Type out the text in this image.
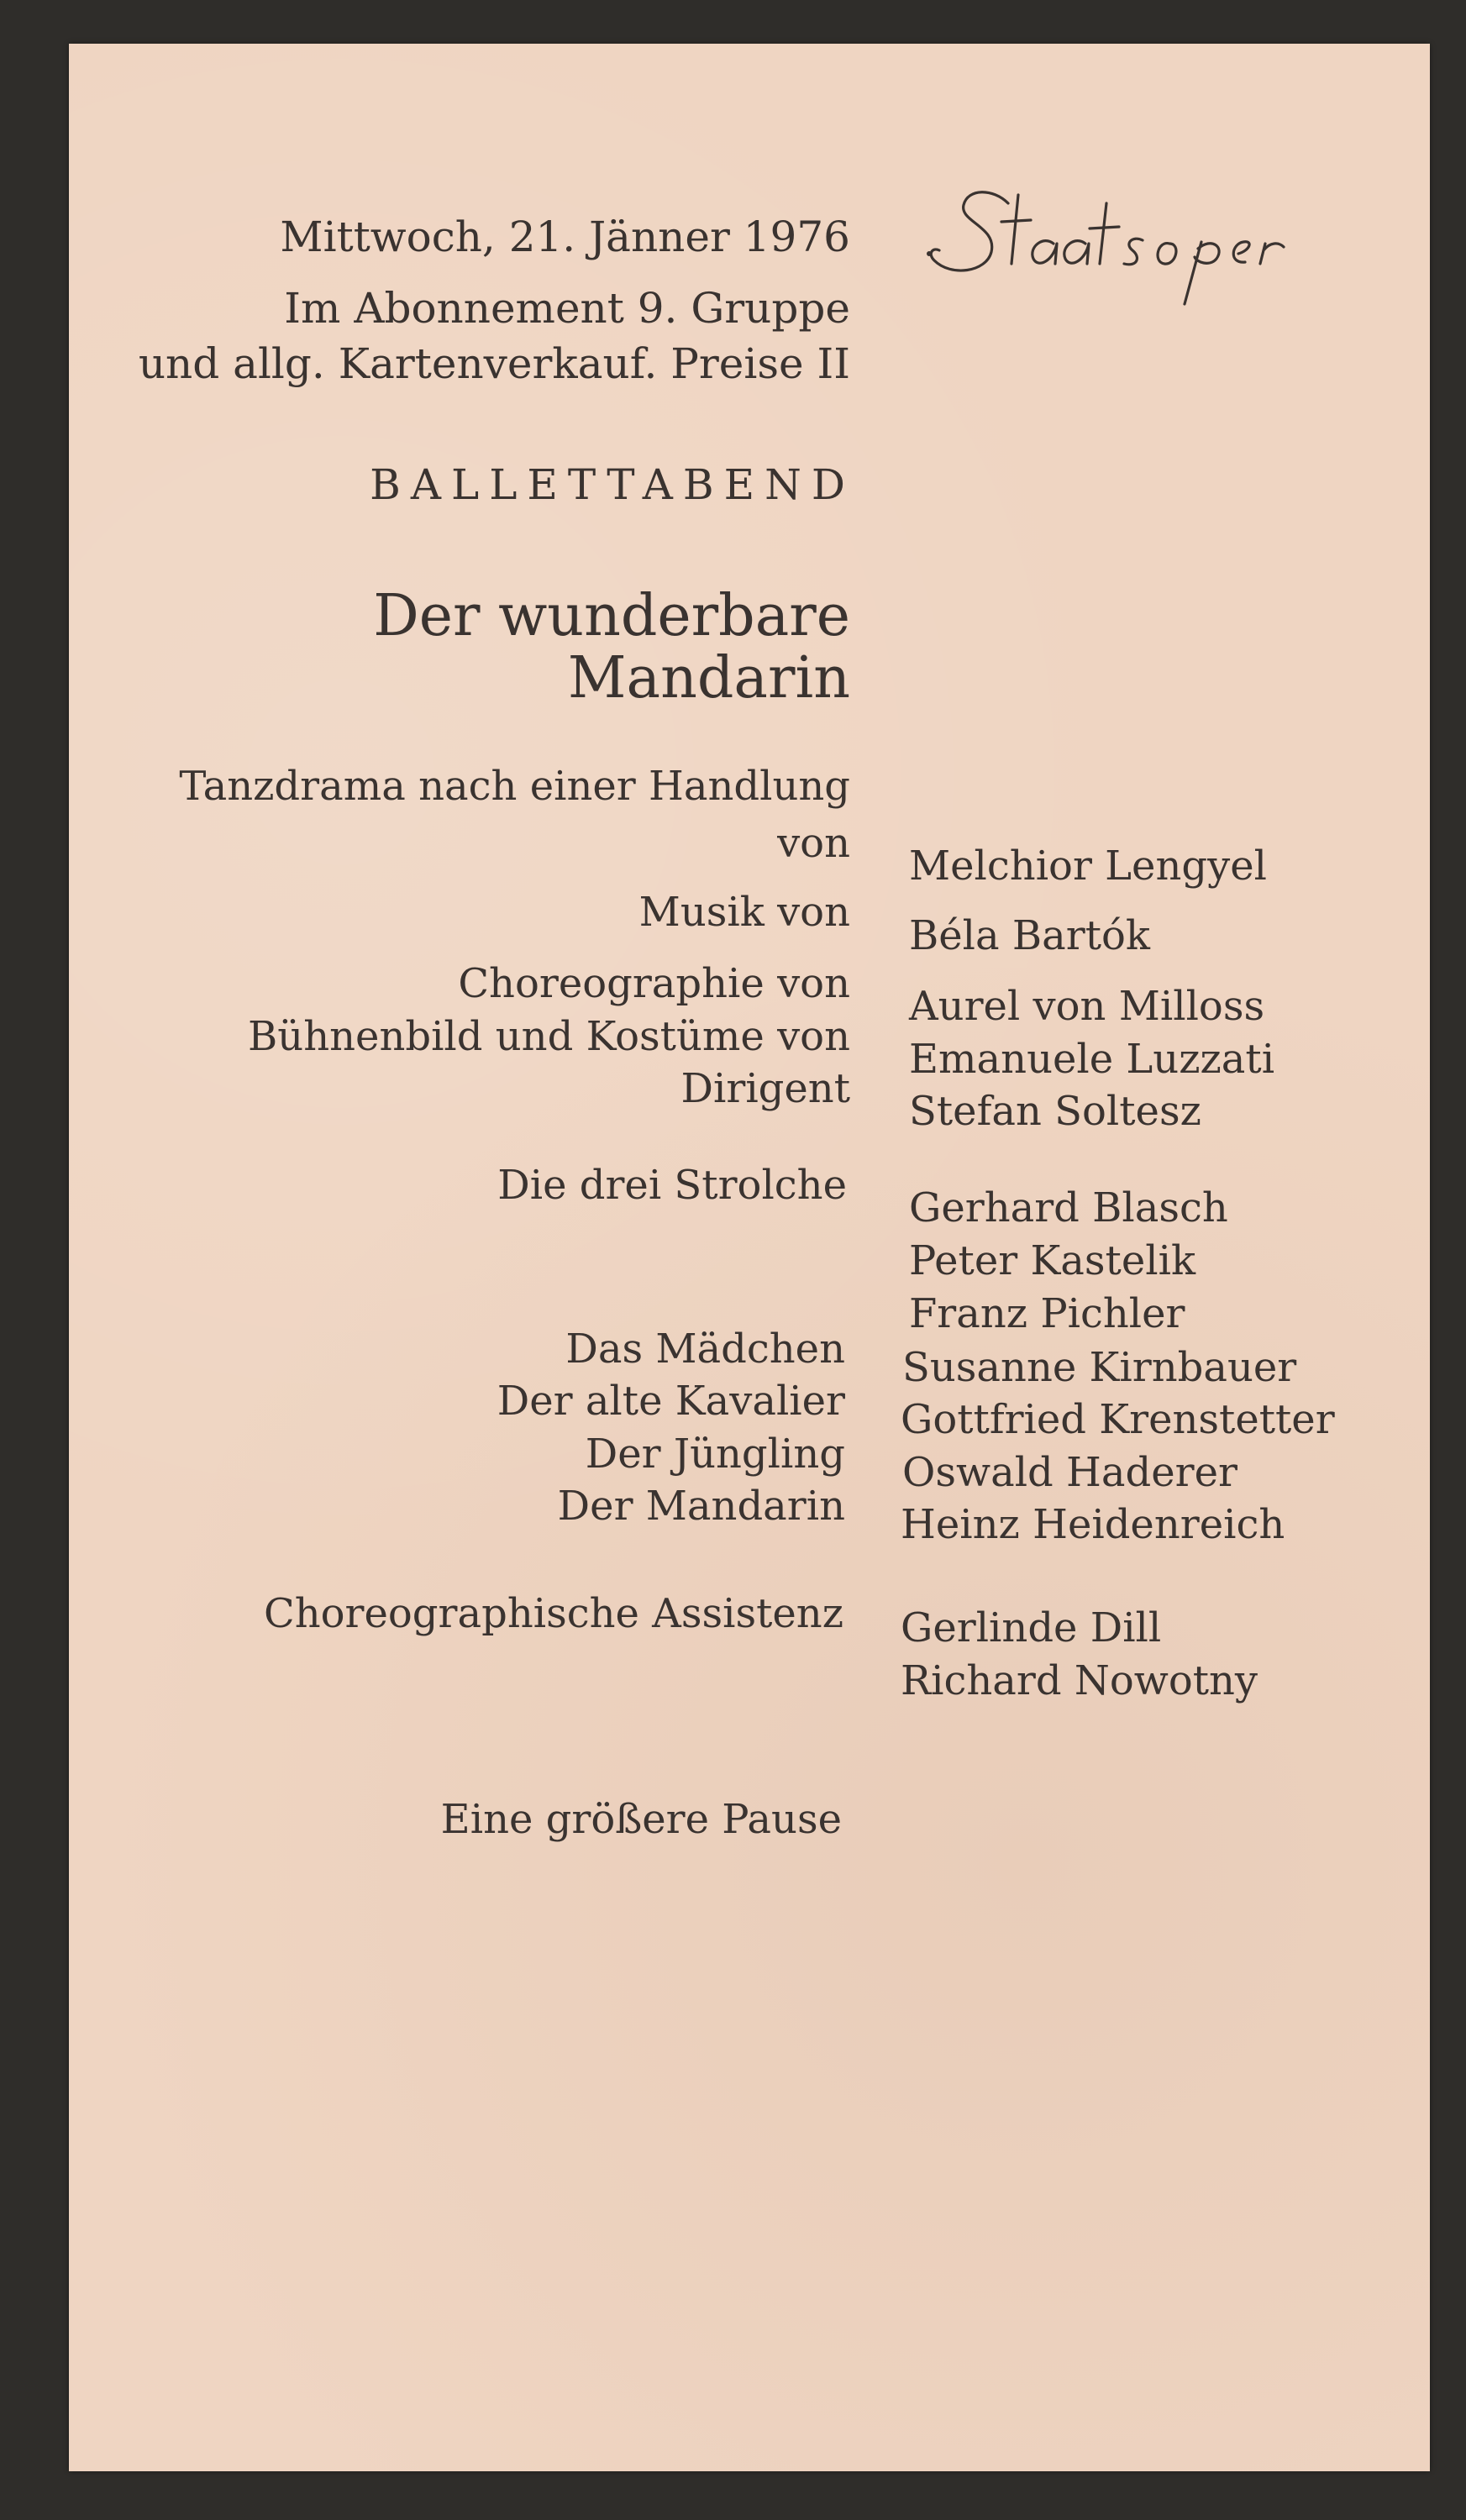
Mittwoch, 21. Jänner 1976
Im Abonnement 9. Gruppe
und allg. Kartenverkauf. Preise II
BALLETTABEND
Der wunderbare
Mandarin
Tanzdrama nach einer Handlung
von
Musik von
Choreographie von
Bühnenbild und Kostüme von
Dirigent
Die drei Strolche
Das Mädchen
Der alte Kavalier
Der Jüngling
Der Mandarin
Choreographische Assistenz
Eine größere Pause
Melchior Lengyel
Béla Bartók
Aurel von Milloss
Emanuele Luzzati
Stefan Soltesz
Gerhard Blasch
Peter Kastelik
Franz Pichler
Susanne Kirnbauer
Gottfried Krenstetter
Oswald Haderer
Heinz Heidenreich
Gerlinde Dill
Richard Nowotny
